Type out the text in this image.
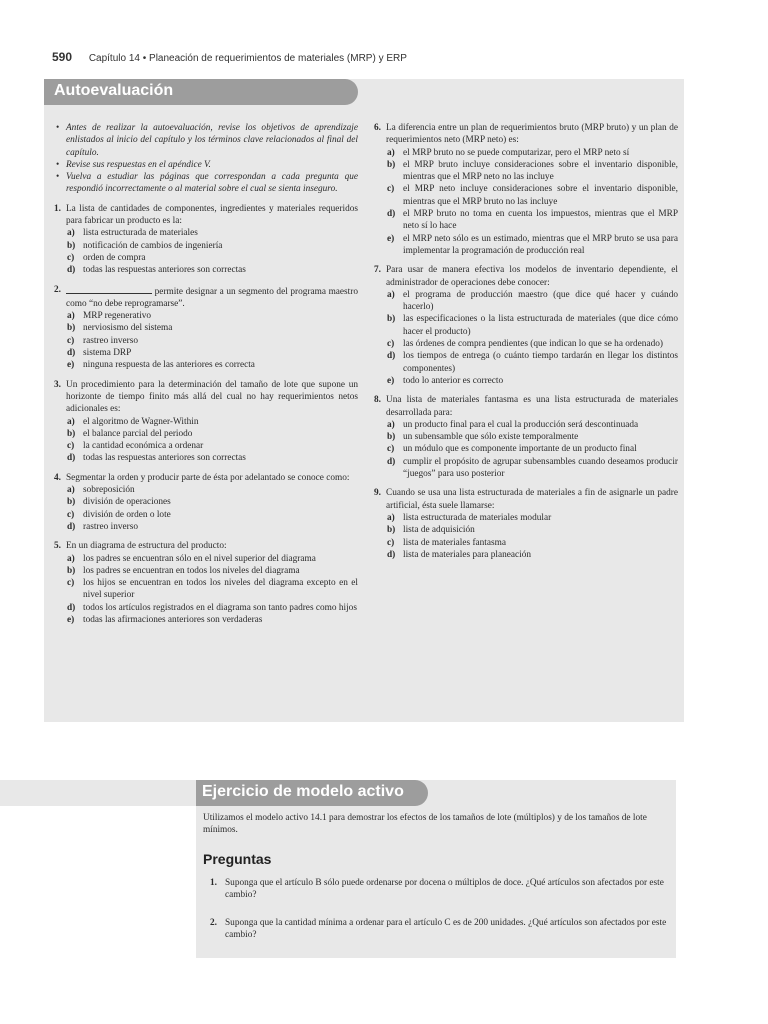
590 Capítulo 14 • Planeación de requerimientos de materiales (MRP) y ERP
Autoevaluación
• Antes de realizar la autoevaluación, revise los objetivos de aprendizaje enlistados al inicio del capítulo y los términos clave relacionados al final del capítulo.
• Revise sus respuestas en el apéndice V.
• Vuelva a estudiar las páginas que correspondan a cada pregunta que respondió incorrectamente o al material sobre el cual se sienta inseguro.
1. La lista de cantidades de componentes, ingredientes y materiales requeridos para fabricar un producto es la:
a) lista estructurada de materiales
b) notificación de cambios de ingeniería
c) orden de compra
d) todas las respuestas anteriores son correctas
2.	permite designar a un segmento del programa maestro como “no debe reprogramarse”.
a) MRP regenerativo
b) nerviosismo del sistema
c) rastreo inverso
d) sistema DRP
e) ninguna respuesta de las anteriores es correcta
3. Un procedimiento para la determinación del tamaño de lote que supone un horizonte de tiempo finito más allá del cual no hay requerimientos netos adicionales es:
a) el algoritmo de Wagner-Within
b) el balance parcial del periodo
c) la cantidad económica a ordenar
d) todas las respuestas anteriores son correctas
4. Segmentar la orden y producir parte de ésta por adelantado se conoce como:
a) sobreposición
b) división de operaciones
c) división de orden o lote
d) rastreo inverso
5. En un diagrama de estructura del producto:
a) los padres se encuentran sólo en el nivel superior del diagrama
b) los padres se encuentran en todos los niveles del diagrama
c) los hijos se encuentran en todos los niveles del diagrama excepto en el nivel superior
d) todos los artículos registrados en el diagrama son tanto padres como hijos
e) todas las afirmaciones anteriores son verdaderas
6. La diferencia entre un plan de requerimientos bruto (MRP bruto) y un plan de requerimientos neto (MRP neto) es:
a) el MRP bruto no se puede computarizar, pero el MRP neto sí
b) el MRP bruto incluye consideraciones sobre el inventario disponible, mientras que el MRP neto no las incluye
c) el MRP neto incluye consideraciones sobre el inventario disponible, mientras que el MRP bruto no las incluye
d) el MRP bruto no toma en cuenta los impuestos, mientras que el MRP neto sí lo hace
e) el MRP neto sólo es un estimado, mientras que el MRP bruto se usa para implementar la programación de producción real
7. Para usar de manera efectiva los modelos de inventario dependiente, el administrador de operaciones debe conocer:
a) el programa de producción maestro (que dice qué hacer y cuándo hacerlo)
b) las especificaciones o la lista estructurada de materiales (que dice cómo hacer el producto)
c) las órdenes de compra pendientes (que indican lo que se ha ordenado)
d) los tiempos de entrega (o cuánto tiempo tardarán en llegar los distintos componentes)
e) todo lo anterior es correcto
8. Una lista de materiales fantasma es una lista estructurada de materiales desarrollada para:
a) un producto final para el cual la producción será descontinuada
b) un subensamble que sólo existe temporalmente
c) un módulo que es componente importante de un producto final
d) cumplir el propósito de agrupar subensambles cuando deseamos producir “juegos” para uso posterior
9. Cuando se usa una lista estructurada de materiales a fin de asignarle un padre artificial, ésta suele llamarse:
a) lista estructurada de materiales modular
b) lista de adquisición
c) lista de materiales fantasma
d) lista de materiales para planeación
Ejercicio de modelo activo
Utilizamos el modelo activo 14.1 para demostrar los efectos de los tamaños de lote (múltiplos) y de los tamaños de lote mínimos.
Preguntas
1. Suponga que el artículo B sólo puede ordenarse por docena o múltiplos de doce. ¿Qué artículos son afectados por este cambio?
2. Suponga que la cantidad mínima a ordenar para el artículo C es de 200 unidades. ¿Qué artículos son afectados por este cambio?
